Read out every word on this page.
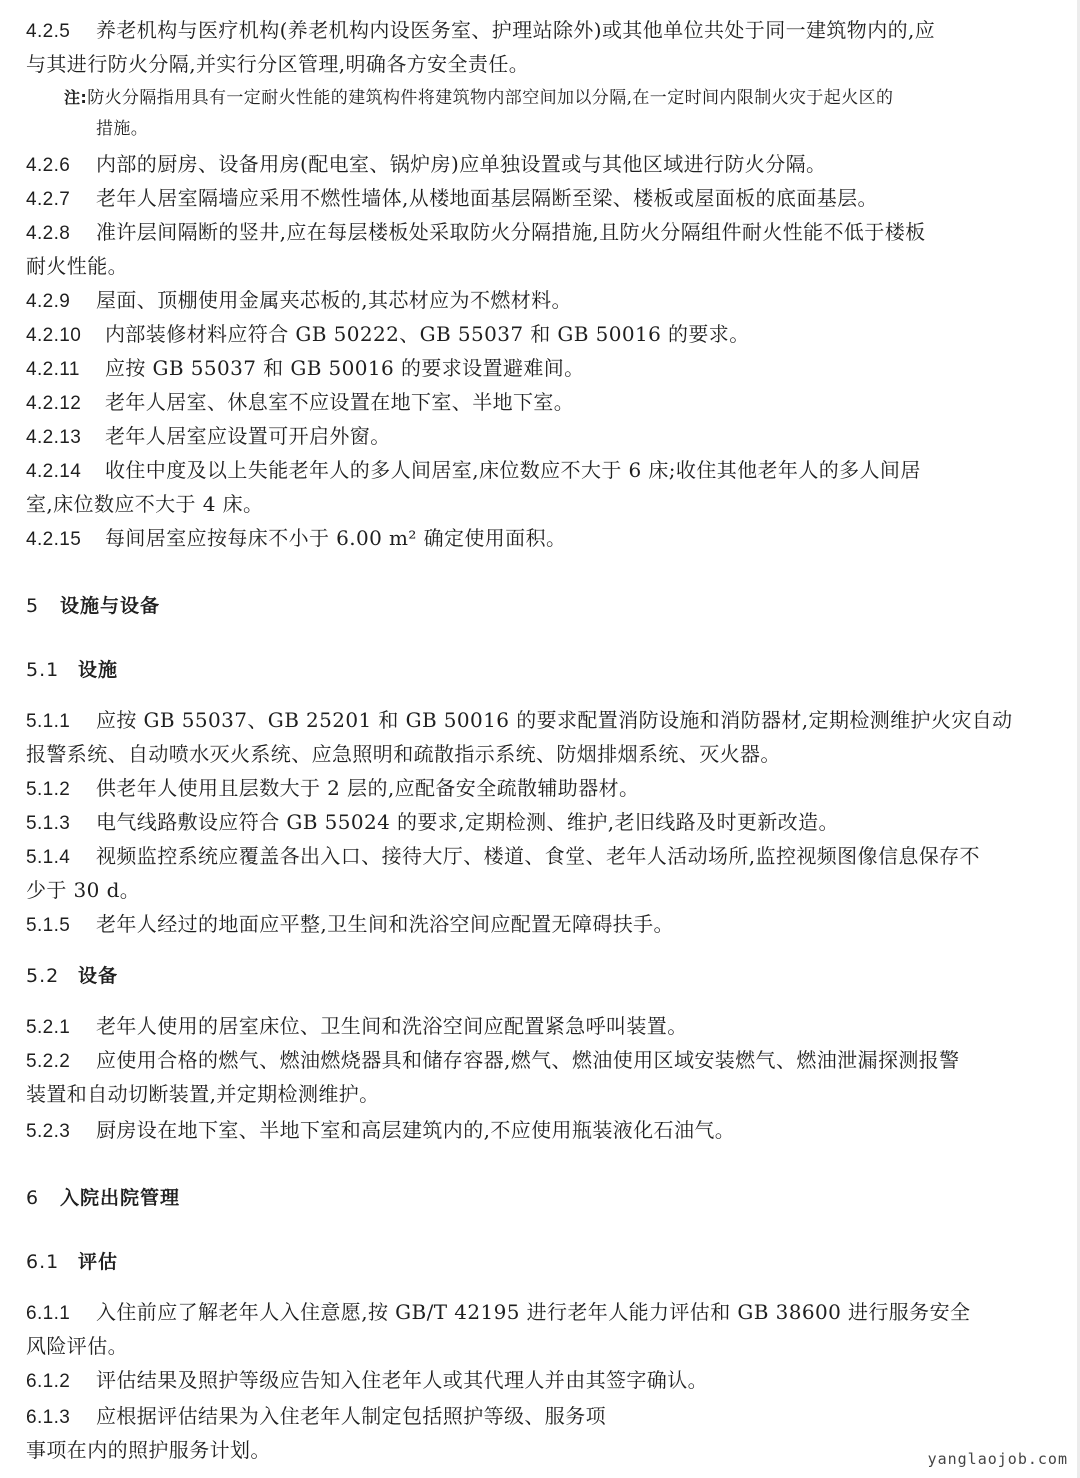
4.2.5 养老机构与医疗机构(养老机构内设医务室、护理站除外)或其他单位共处于同一建筑物内的,应
与其进行防火分隔,并实行分区管理,明确各方安全责任。
注:防火分隔指用具有一定耐火性能的建筑构件将建筑物内部空间加以分隔,在一定时间内限制火灾于起火区的
措施。
4.2.6 内部的厨房、设备用房(配电室、锅炉房)应单独设置或与其他区域进行防火分隔。
4.2.7 老年人居室隔墙应采用不燃性墙体,从楼地面基层隔断至梁、楼板或屋面板的底面基层。
4.2.8 准许层间隔断的竖井,应在每层楼板处采取防火分隔措施,且防火分隔组件耐火性能不低于楼板
耐火性能。
4.2.9 屋面、顶棚使用金属夹芯板的,其芯材应为不燃材料。
4.2.10 内部装修材料应符合 GB 50222、GB 55037 和 GB 50016 的要求。
4.2.11 应按 GB 55037 和 GB 50016 的要求设置避难间。
4.2.12 老年人居室、休息室不应设置在地下室、半地下室。
4.2.13 老年人居室应设置可开启外窗。
4.2.14 收住中度及以上失能老年人的多人间居室,床位数应不大于 6 床;收住其他老年人的多人间居
室,床位数应不大于 4 床。
4.2.15 每间居室应按每床不小于 6.00 m² 确定使用面积。
5 设施与设备
5.1 设施
5.1.1 应按 GB 55037、GB 25201 和 GB 50016 的要求配置消防设施和消防器材,定期检测维护火灾自动
报警系统、自动喷水灭火系统、应急照明和疏散指示系统、防烟排烟系统、灭火器。
5.1.2 供老年人使用且层数大于 2 层的,应配备安全疏散辅助器材。
5.1.3 电气线路敷设应符合 GB 55024 的要求,定期检测、维护,老旧线路及时更新改造。
5.1.4 视频监控系统应覆盖各出入口、接待大厅、楼道、食堂、老年人活动场所,监控视频图像信息保存不
少于 30 d。
5.1.5 老年人经过的地面应平整,卫生间和洗浴空间应配置无障碍扶手。
5.2 设备
5.2.1 老年人使用的居室床位、卫生间和洗浴空间应配置紧急呼叫装置。
5.2.2 应使用合格的燃气、燃油燃烧器具和储存容器,燃气、燃油使用区域安装燃气、燃油泄漏探测报警
装置和自动切断装置,并定期检测维护。
5.2.3 厨房设在地下室、半地下室和高层建筑内的,不应使用瓶装液化石油气。
6 入院出院管理
6.1 评估
6.1.1 入住前应了解老年人入住意愿,按 GB/T 42195 进行老年人能力评估和 GB 38600 进行服务安全
风险评估。
6.1.2 评估结果及照护等级应告知入住老年人或其代理人并由其签字确认。
6.1.3 应根据评估结果为入住老年人制定包括照护等级、服务项
事项在内的照护服务计划。	yanglaojob.com
